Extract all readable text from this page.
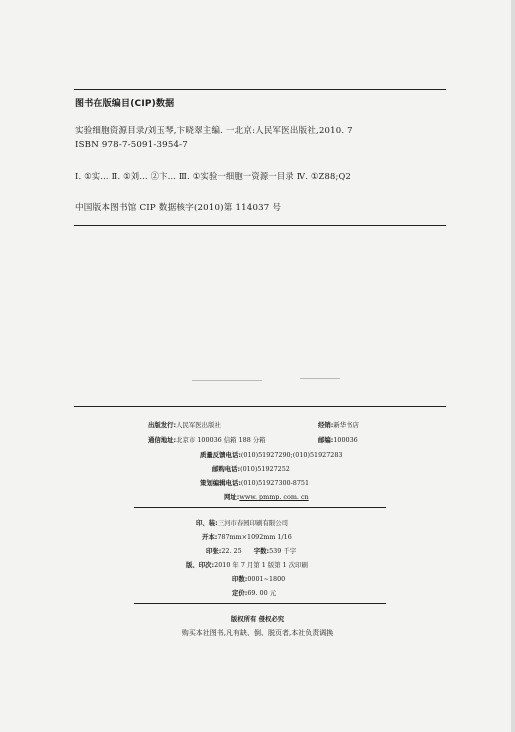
图书在版编目(CIP)数据
实验细胞资源目录/刘玉琴,卞晓翠主编. 一北京:人民军医出版社,2010. 7
ISBN 978-7-5091-3954-7
Ⅰ. ①实… Ⅱ. ①刘… ②卞… Ⅲ. ①实验一细胞一资源一目录 Ⅳ. ①Z88;Q2
中国版本图书馆 CIP 数据核字(2010)第 114037 号
出版发行:人民军医出版社	经销:新华书店
通信地址:北京市 100036 信箱 188 分箱	邮编:100036
质量反馈电话:(010)51927290;(010)51927283
邮购电话:(010)51927252
策划编辑电话:(010)51927300-8751
网址:www. pmmp. com. cn
印、装:三河市春园印刷有限公司
开本:787mm×1092mm 1/16
印张:22. 25 字数:539 千字
版、印次:2010 年 7 月第 1 版第 1 次印刷
印数:0001~1800
定价:69. 00 元
版权所有 侵权必究
购买本社图书,凡有缺、倒、脱页者,本社负责调换
